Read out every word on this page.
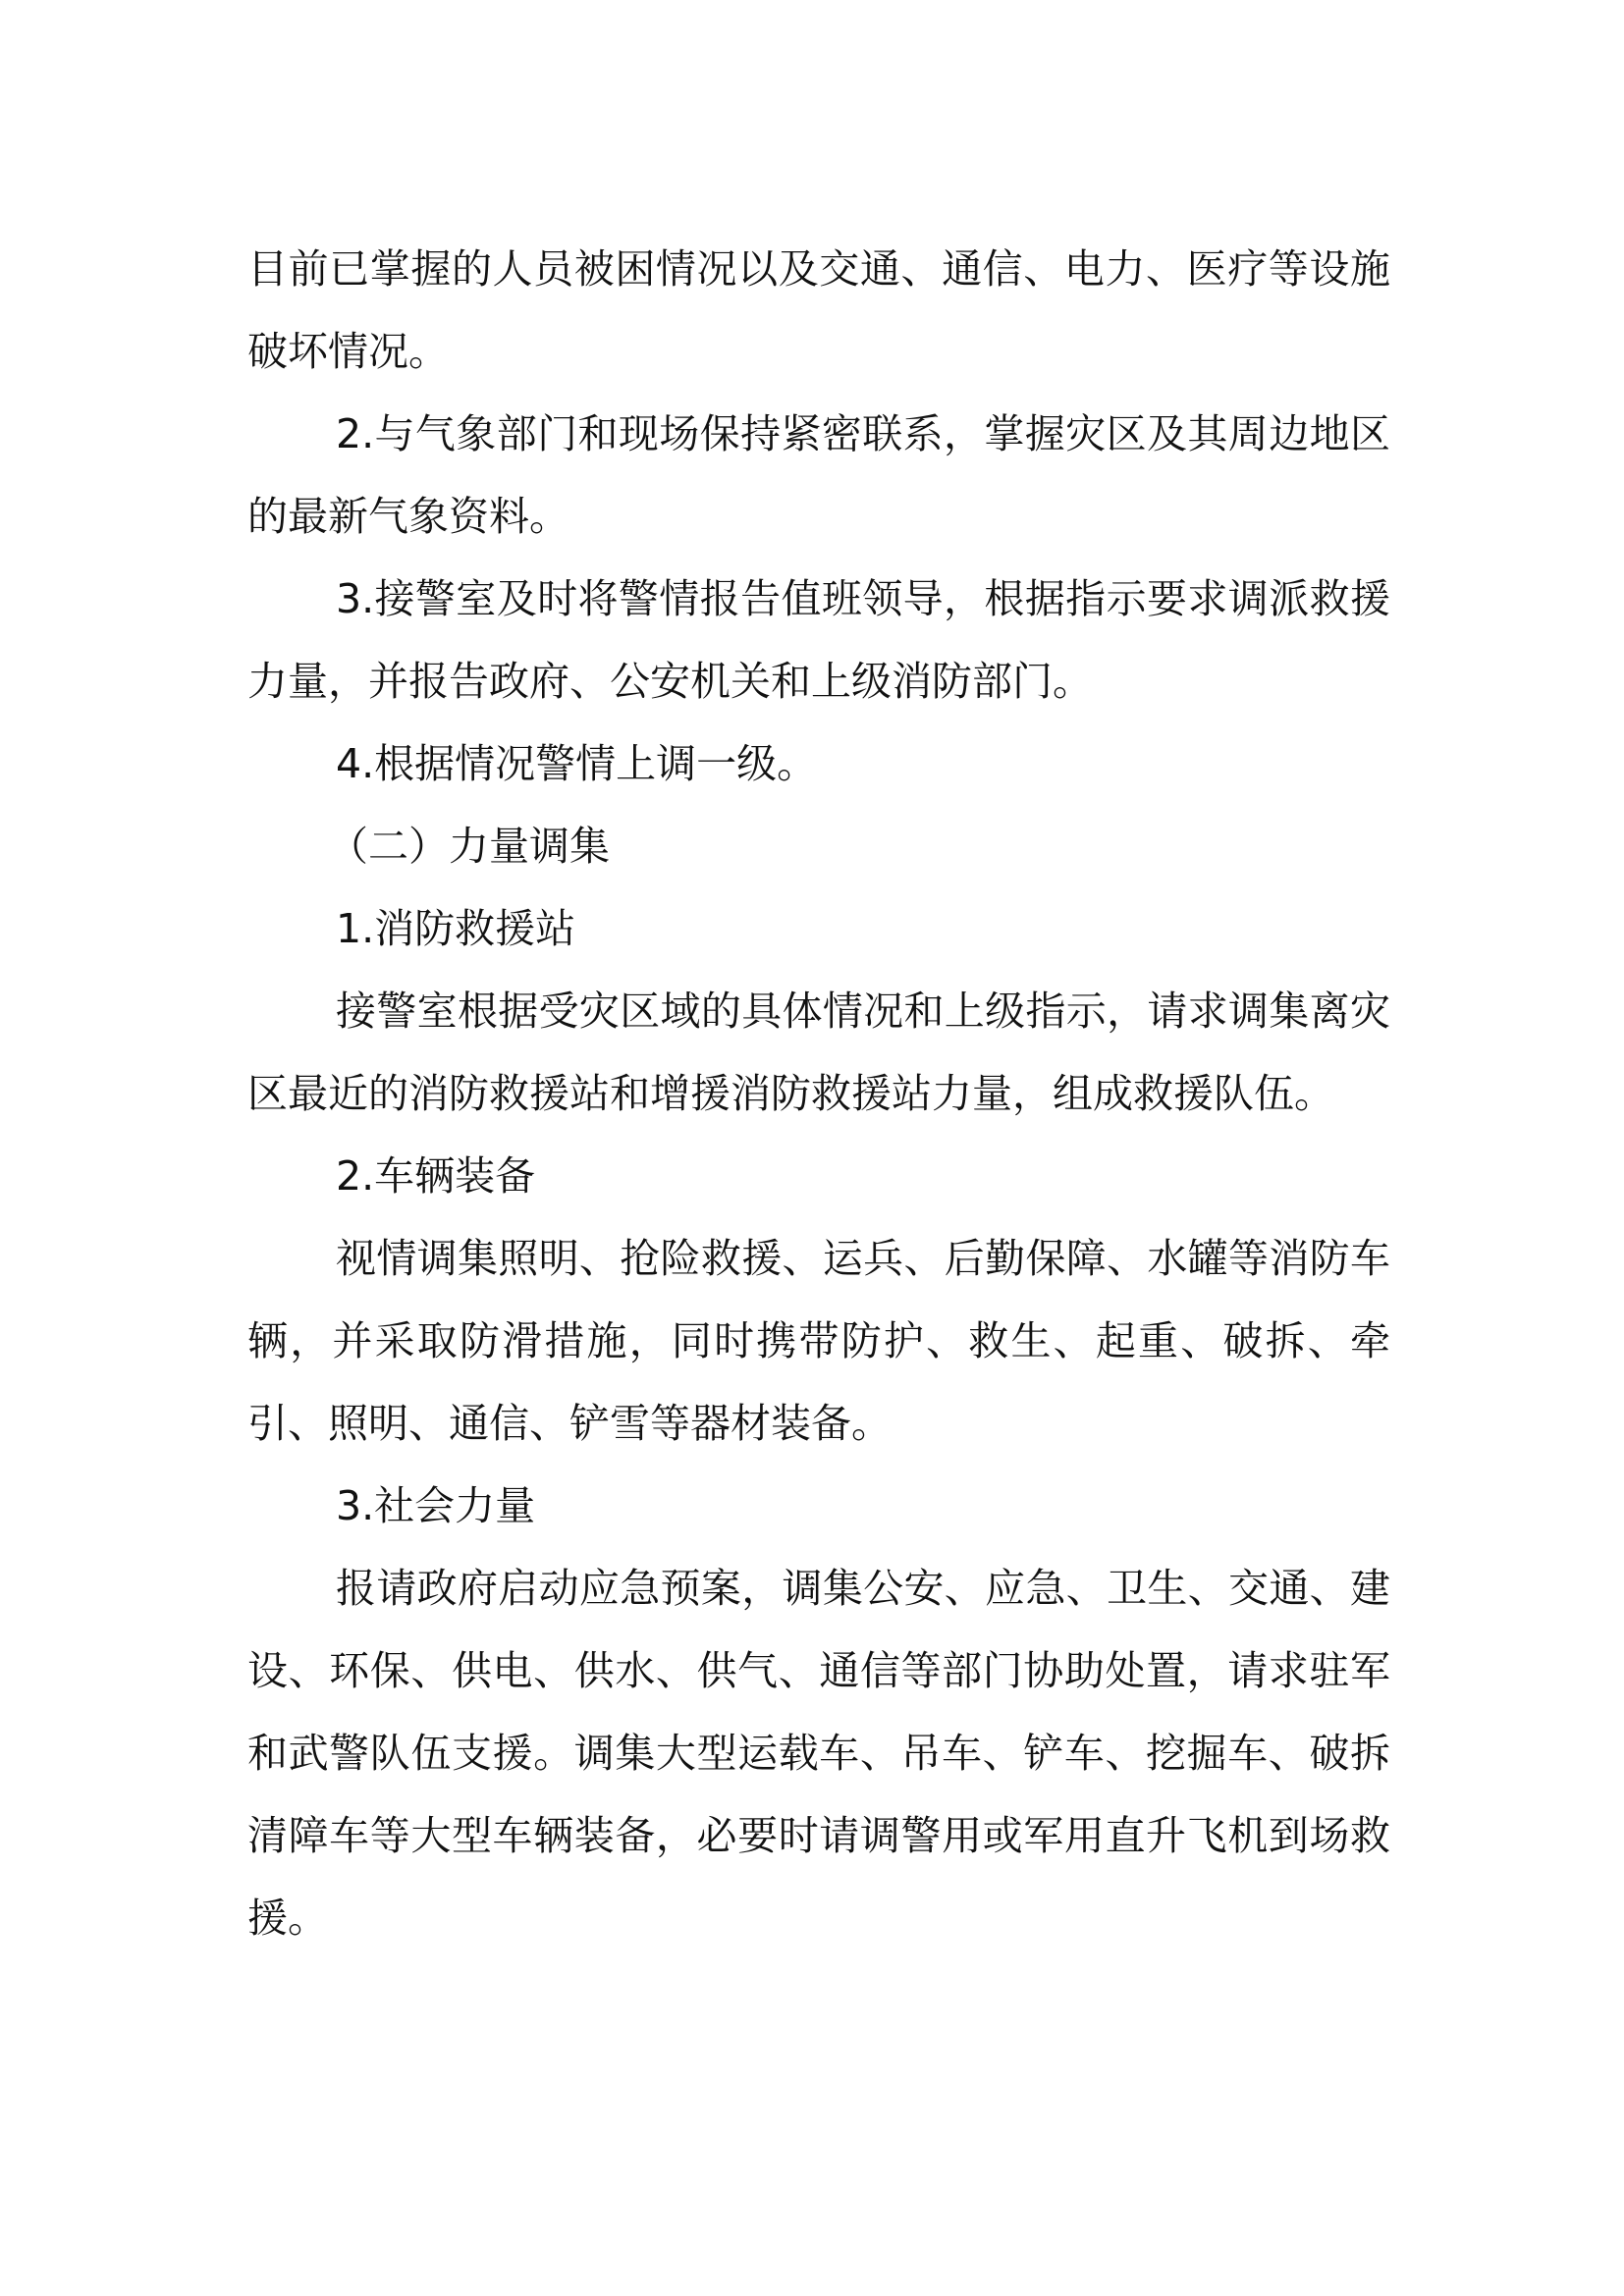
目前已掌握的人员被困情况以及交通、通信、电力、医疗等设施破坏情况。

2.与气象部门和现场保持紧密联系，掌握灾区及其周边地区的最新气象资料。

3.接警室及时将警情报告值班领导，根据指示要求调派救援力量，并报告政府、公安机关和上级消防部门。

4.根据情况警情上调一级。

（二）力量调集

1.消防救援站

接警室根据受灾区域的具体情况和上级指示，请求调集离灾区最近的消防救援站和增援消防救援站力量，组成救援队伍。

2.车辆装备

视情调集照明、抢险救援、运兵、后勤保障、水罐等消防车辆，并采取防滑措施，同时携带防护、救生、起重、破拆、牵引、照明、通信、铲雪等器材装备。

3.社会力量

报请政府启动应急预案，调集公安、应急、卫生、交通、建设、环保、供电、供水、供气、通信等部门协助处置，请求驻军和武警队伍支援。调集大型运载车、吊车、铲车、挖掘车、破拆清障车等大型车辆装备，必要时请调警用或军用直升飞机到场救援。
